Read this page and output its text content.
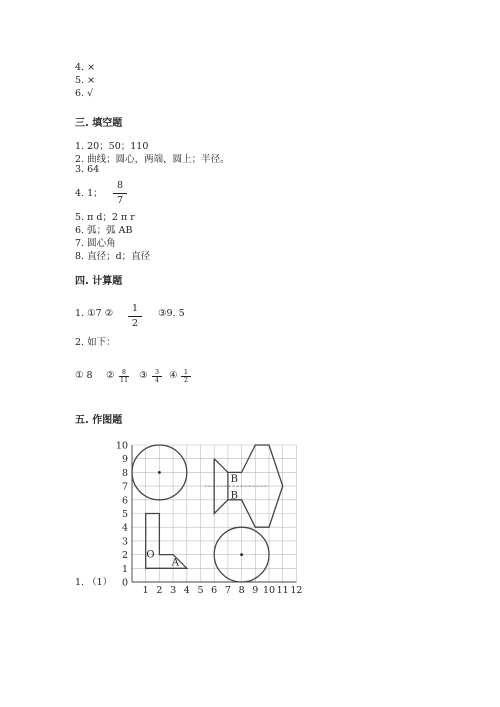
4. ×
5. ×
6. √
三. 填空题
1. 20；50；110
2. 曲线；圆心，两端，圆上；半径。
3. 64
4. 1；
8
7
5. π d；2 π r
6. 弧；弧 AB
7. 圆心角
8. 直径；d；直径
四. 计算题
1. ①7 ②	1
2
③9. 5
2. 如下：
① 8 ②	8
11 ③	3
4	④ 1
2
五. 作图题
1. （1）
1 2 3 4 5 6 7 8 9 10 11 12
0
1
2
3
4
5
6
7
8
9
10
A
O
B
B
